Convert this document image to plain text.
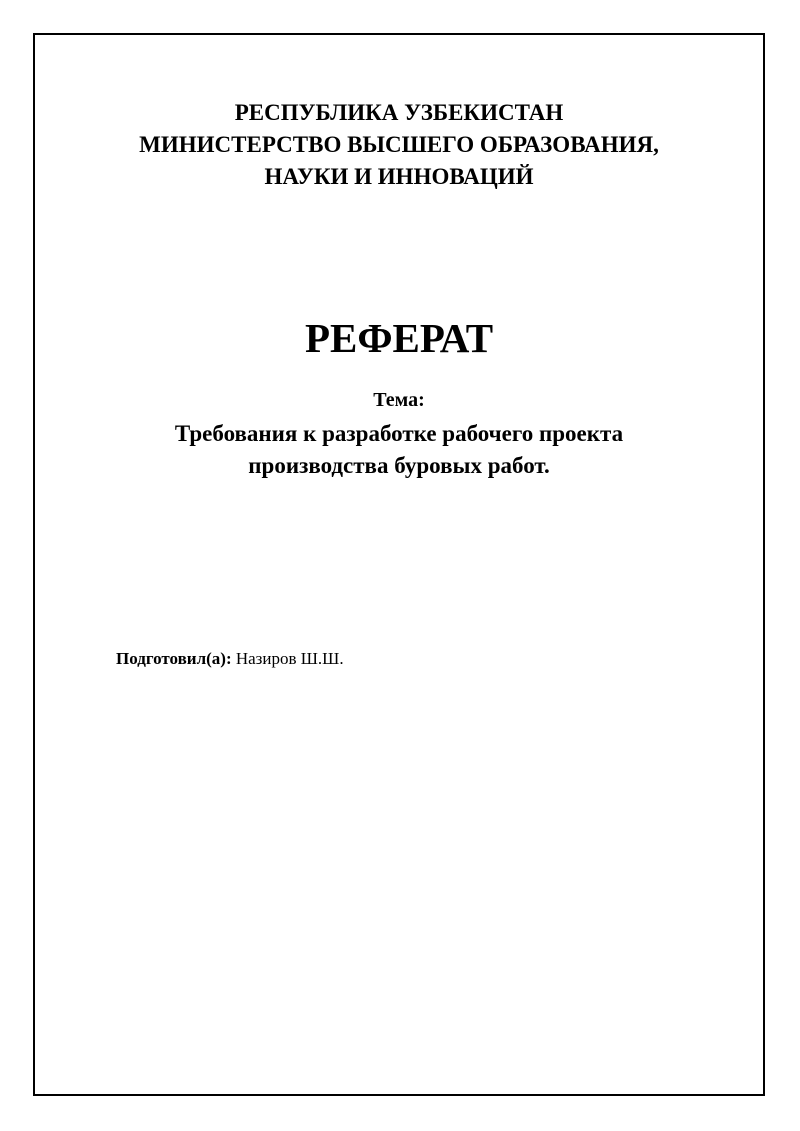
РЕСПУБЛИКА УЗБЕКИСТАН
МИНИСТЕРСТВО ВЫСШЕГО ОБРАЗОВАНИЯ,
НАУКИ И ИННОВАЦИЙ
РЕФЕРАТ
Тема:
Требования к разработке рабочего проекта
производства буровых работ.
Подготовил(а): Назиров Ш.Ш.
